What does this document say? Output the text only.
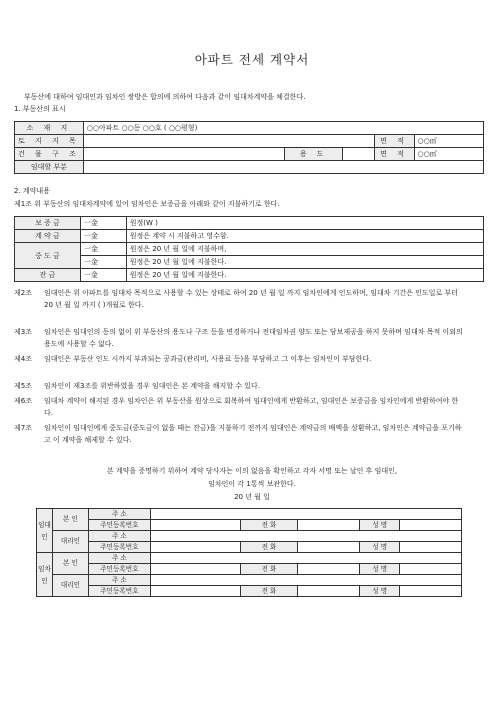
아파트 전세 계약서
부동산에 대하여 임대인과 임차인 쌍방은 합의에 의하여 다음과 같이 임대차계약을 체결한다.
1. 부동산의 표시
소 재 지	○○아파트 ○○동 ○○호 ( ○○평형)				
토 지 지 목				면 적	○○㎡
건 물 구 조		용 도		면 적	○○㎡
임대할 부분					
2. 계약내용
제1조 위 부동산의 임대차계약에 있어 임차인은 보증금을 아래와 같이 지불하기로 한다.
보 증 금	一金	원정(W )
계 약 금	一金	원정은 계약 시 지불하고 영수함.
중 도 금	一金	원정은 20 년 월 일에 지불하며,
	一金	원정은 20 년 월 일에 지불한다.
잔 금	一金	원정은 20 년 월 일에 지불한다.
제2조 임대인은 위 아파트를 임대차 목적으로 사용할 수 있는 상태로 하여 20 년 월 일 까지 임차인에게 인도하며, 임대차 기간은 인도일로 부터 20 년 월 일 까지 ( )개월로 한다.
제3조 임차인은 임대인의 동의 없이 위 부동산의 용도나 구조 등을 변경하거나 전대임차권 양도 또는 담보제공을 하지 못하며 임대차 목적 이외의 용도에 사용할 수 없다.
제4조 임대인은 부동산 인도 시까지 부과되는 공과금(관리비, 사용료 등)을 부담하고 그 이후는 임차인이 부담한다.
제5조 임차인이 제3조를 위반하였을 경우 임대인은 본 계약을 해지할 수 있다.
제6조 임대차 계약이 해지된 경우 임차인은 위 부동산을 원상으로 회복하여 임대인에게 반환하고, 임대인은 보증금을 임차인에게 반환하여야 한다.
제7조 임차인이 임대인에게 중도금(중도금이 없을 때는 잔금)을 지불하기 전까지 임대인은 계약금의 배액을 상환하고, 임차인은 계약금을 포기하고 이 계약을 해제할 수 있다.
본 계약을 증명하기 위하여 계약 당사자는 이의 없음을 확인하고 각자 서명 또는 날인 후 임대인,
임차인이 각 1통씩 보관한다.
20 년 월 일
임대인	본 인	주 소					
		주민등록번호		전 화		성 명	
	대리인	주 소					
		주민등록번호		전 화		성 명	
임차인	본 인	주 소					
		주민등록번호		전 화		성 명	
	대리인	주 소					
		주민등록번호		전 화		성 명	
